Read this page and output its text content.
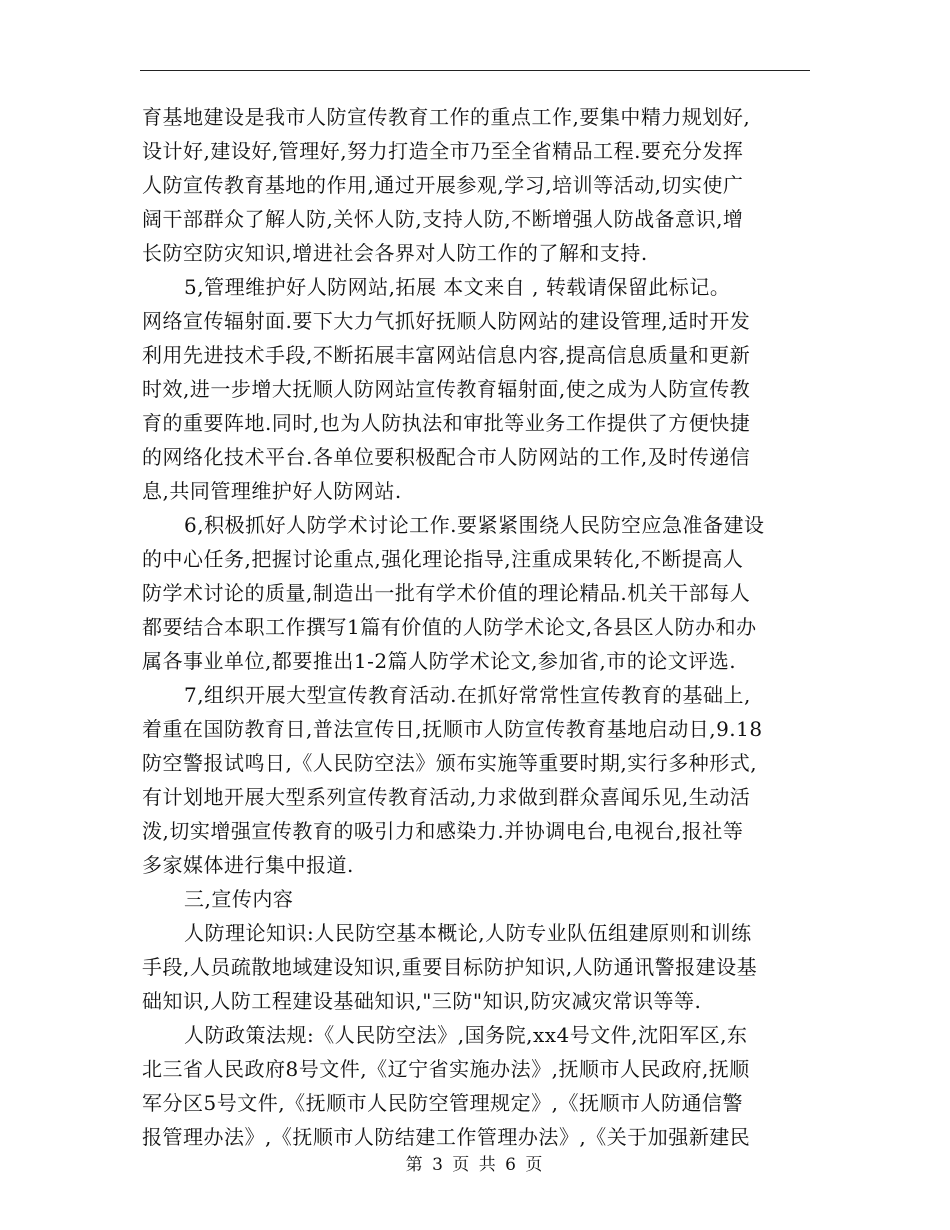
育基地建设是我市人防宣传教育工作的重点工作,要集中精力规划好,
设计好,建设好,管理好,努力打造全市乃至全省精品工程.要充分发挥
人防宣传教育基地的作用,通过开展参观,学习,培训等活动,切实使广
阔干部群众了解人防,关怀人防,支持人防,不断增强人防战备意识,增
长防空防灾知识,增进社会各界对人防工作的了解和支持.
5,管理维护好人防网站,拓展 本文来自 , 转载请保留此标记。
网络宣传辐射面.要下大力气抓好抚顺人防网站的建设管理,适时开发
利用先进技术手段,不断拓展丰富网站信息内容,提高信息质量和更新
时效,进一步增大抚顺人防网站宣传教育辐射面,使之成为人防宣传教
育的重要阵地.同时,也为人防执法和审批等业务工作提供了方便快捷
的网络化技术平台.各单位要积极配合市人防网站的工作,及时传递信
息,共同管理维护好人防网站.
6,积极抓好人防学术讨论工作.要紧紧围绕人民防空应急准备建设
的中心任务,把握讨论重点,强化理论指导,注重成果转化,不断提高人
防学术讨论的质量,制造出一批有学术价值的理论精品.机关干部每人
都要结合本职工作撰写1篇有价值的人防学术论文,各县区人防办和办
属各事业单位,都要推出1-2篇人防学术论文,参加省,市的论文评选.
7,组织开展大型宣传教育活动.在抓好常常性宣传教育的基础上,
着重在国防教育日,普法宣传日,抚顺市人防宣传教育基地启动日,9.18
防空警报试鸣日,《人民防空法》颁布实施等重要时期,实行多种形式,
有计划地开展大型系列宣传教育活动,力求做到群众喜闻乐见,生动活
泼,切实增强宣传教育的吸引力和感染力.并协调电台,电视台,报社等
多家媒体进行集中报道.
三,宣传内容
人防理论知识:人民防空基本概论,人防专业队伍组建原则和训练
手段,人员疏散地域建设知识,重要目标防护知识,人防通讯警报建设基
础知识,人防工程建设基础知识,"三防"知识,防灾减灾常识等等.
人防政策法规:《人民防空法》,国务院,xx4号文件,沈阳军区,东
北三省人民政府8号文件,《辽宁省实施办法》,抚顺市人民政府,抚顺
军分区5号文件,《抚顺市人民防空管理规定》,《抚顺市人防通信警
报管理办法》,《抚顺市人防结建工作管理办法》,《关于加强新建民
第 3 页 共 6 页
